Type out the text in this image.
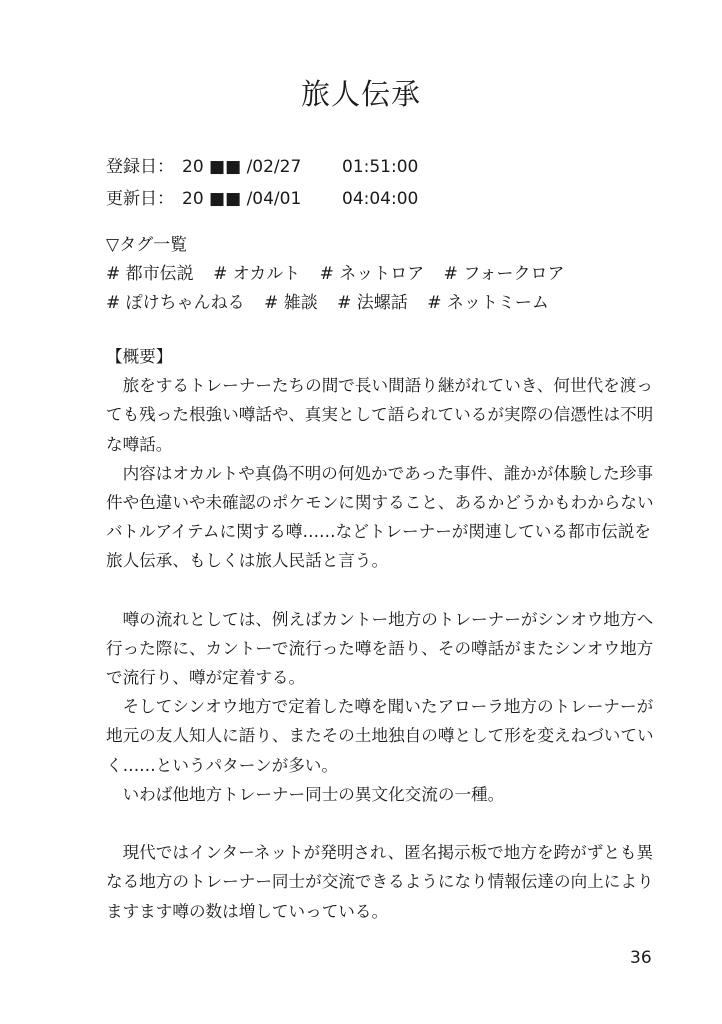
旅人伝承
登録日： 20 ■■ /02/27	01:51:00
更新日： 20 ■■ /04/01	04:04:00
▽タグ一覧
# 都市伝説 # オカルト # ネットロア # フォークロア
# ぽけちゃんねる # 雑談 # 法螺話 # ネットミーム
【概要】
　旅をするトレーナーたちの間で長い間語り継がれていき、何世代を渡っ
ても残った根強い噂話や、真実として語られているが実際の信憑性は不明
な噂話。
　内容はオカルトや真偽不明の何処かであった事件、誰かが体験した珍事
件や色違いや未確認のポケモンに関すること、あるかどうかもわからない
バトルアイテムに関する噂……などトレーナーが関連している都市伝説を
旅人伝承、もしくは旅人民話と言う。
　噂の流れとしては、例えばカントー地方のトレーナーがシンオウ地方へ
行った際に、カントーで流行った噂を語り、その噂話がまたシンオウ地方
で流行り、噂が定着する。
　そしてシンオウ地方で定着した噂を聞いたアローラ地方のトレーナーが
地元の友人知人に語り、またその土地独自の噂として形を変えねづいてい
く……というパターンが多い。
　いわば他地方トレーナー同士の異文化交流の一種。
　現代ではインターネットが発明され、匿名掲示板で地方を跨がずとも異
なる地方のトレーナー同士が交流できるようになり情報伝達の向上により
ますます噂の数は増していっている。
36
